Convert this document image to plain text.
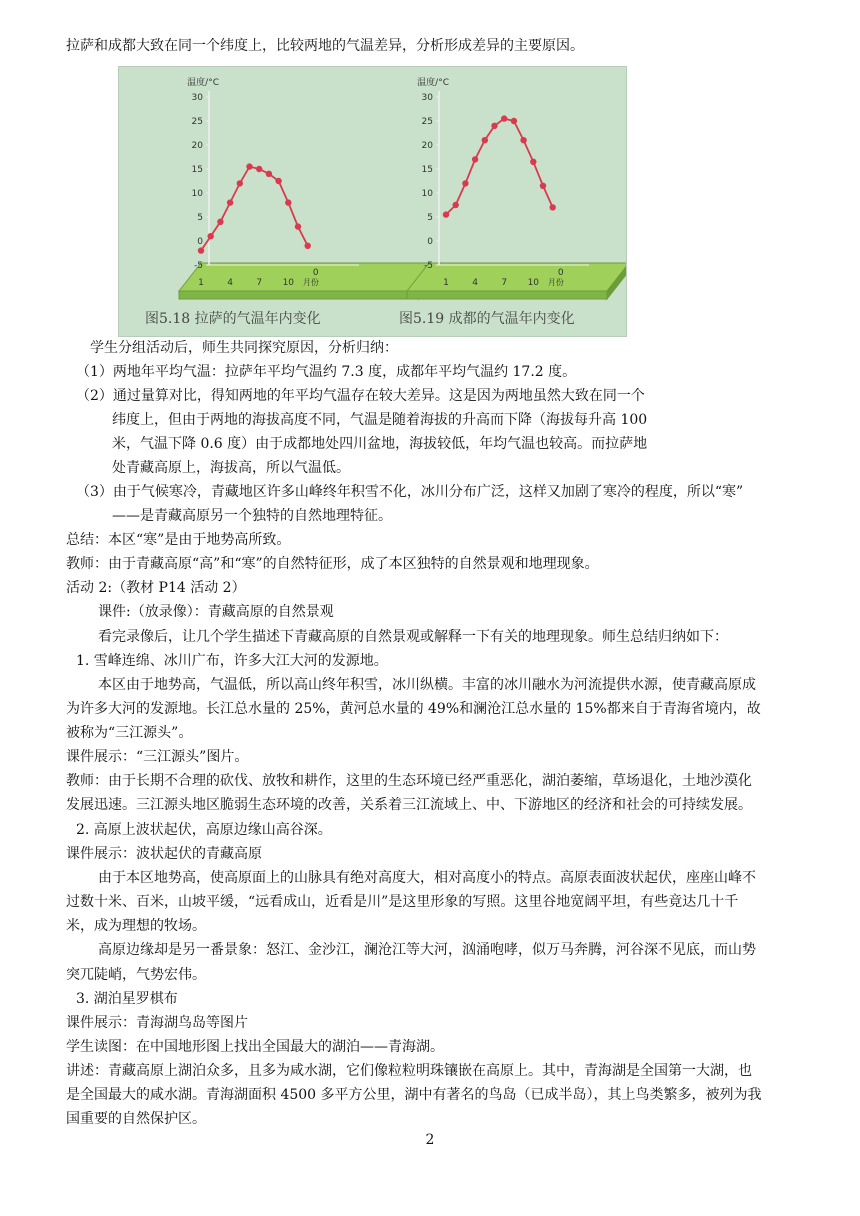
拉萨和成都大致在同一个纬度上，比较两地的气温差异，分析形成差异的主要原因。
学生分组活动后，师生共同探究原因，分析归纳：
（1）两地年平均气温：拉萨年平均气温约 7.3 度，成都年平均气温约 17.2 度。
（2）通过量算对比，得知两地的年平均气温存在较大差异。这是因为两地虽然大致在同一个
纬度上，但由于两地的海拔高度不同，气温是随着海拔的升高而下降（海拔每升高 100
米，气温下降 0.6 度）由于成都地处四川盆地，海拔较低，年均气温也较高。而拉萨地
处青藏高原上，海拔高，所以气温低。
（3）由于气候寒冷，青藏地区许多山峰终年积雪不化，冰川分布广泛，这样又加剧了寒冷的程度，所以“寒”
——是青藏高原另一个独特的自然地理特征。
总结：本区“寒”是由于地势高所致。
教师：由于青藏高原“高”和“寒”的自然特征形，成了本区独特的自然景观和地理现象。
活动 2:（教材 P14 活动 2）
课件:（放录像）：青藏高原的自然景观
看完录像后，让几个学生描述下青藏高原的自然景观或解释一下有关的地理现象。师生总结归纳如下：
1. 雪峰连绵、冰川广布，许多大江大河的发源地。
本区由于地势高，气温低，所以高山终年积雪，冰川纵横。丰富的冰川融水为河流提供水源，使青藏高原成
为许多大河的发源地。长江总水量的 25%，黄河总水量的 49%和澜沧江总水量的 15%都来自于青海省境内，故
被称为“三江源头”。
课件展示：“三江源头”图片。
教师：由于长期不合理的砍伐、放牧和耕作，这里的生态环境已经严重恶化，湖泊萎缩，草场退化，土地沙漠化
发展迅速。三江源头地区脆弱生态环境的改善，关系着三江流域上、中、下游地区的经济和社会的可持续发展。
2. 高原上波状起伏，高原边缘山高谷深。
课件展示：波状起伏的青藏高原
由于本区地势高，使高原面上的山脉具有绝对高度大，相对高度小的特点。高原表面波状起伏，座座山峰不
过数十米、百米，山坡平缓，“远看成山，近看是川”是这里形象的写照。这里谷地宽阔平坦，有些竟达几十千
米，成为理想的牧场。
高原边缘却是另一番景象：怒江、金沙江，澜沧江等大河，汹涌咆哮，似万马奔腾，河谷深不见底，而山势
突兀陡峭，气势宏伟。
3. 湖泊星罗棋布
课件展示：青海湖鸟岛等图片
学生读图：在中国地形图上找出全国最大的湖泊——青海湖。
讲述：青藏高原上湖泊众多，且多为咸水湖，它们像粒粒明珠镶嵌在高原上。其中，青海湖是全国第一大湖，也
是全国最大的咸水湖。青海湖面积 4500 多平方公里，湖中有著名的鸟岛（已成半岛），其上鸟类繁多，被列为我
国重要的自然保护区。
温度/°C
30
25
20
15
10
5
0
-5
1	4	7 10 月份
0
图5.18 拉萨的气温年内变化
温度/°C
30
25
20
15
10
5
0
-5
1	4	7 10 月份
0
图5.19 成都的气温年内变化
2
